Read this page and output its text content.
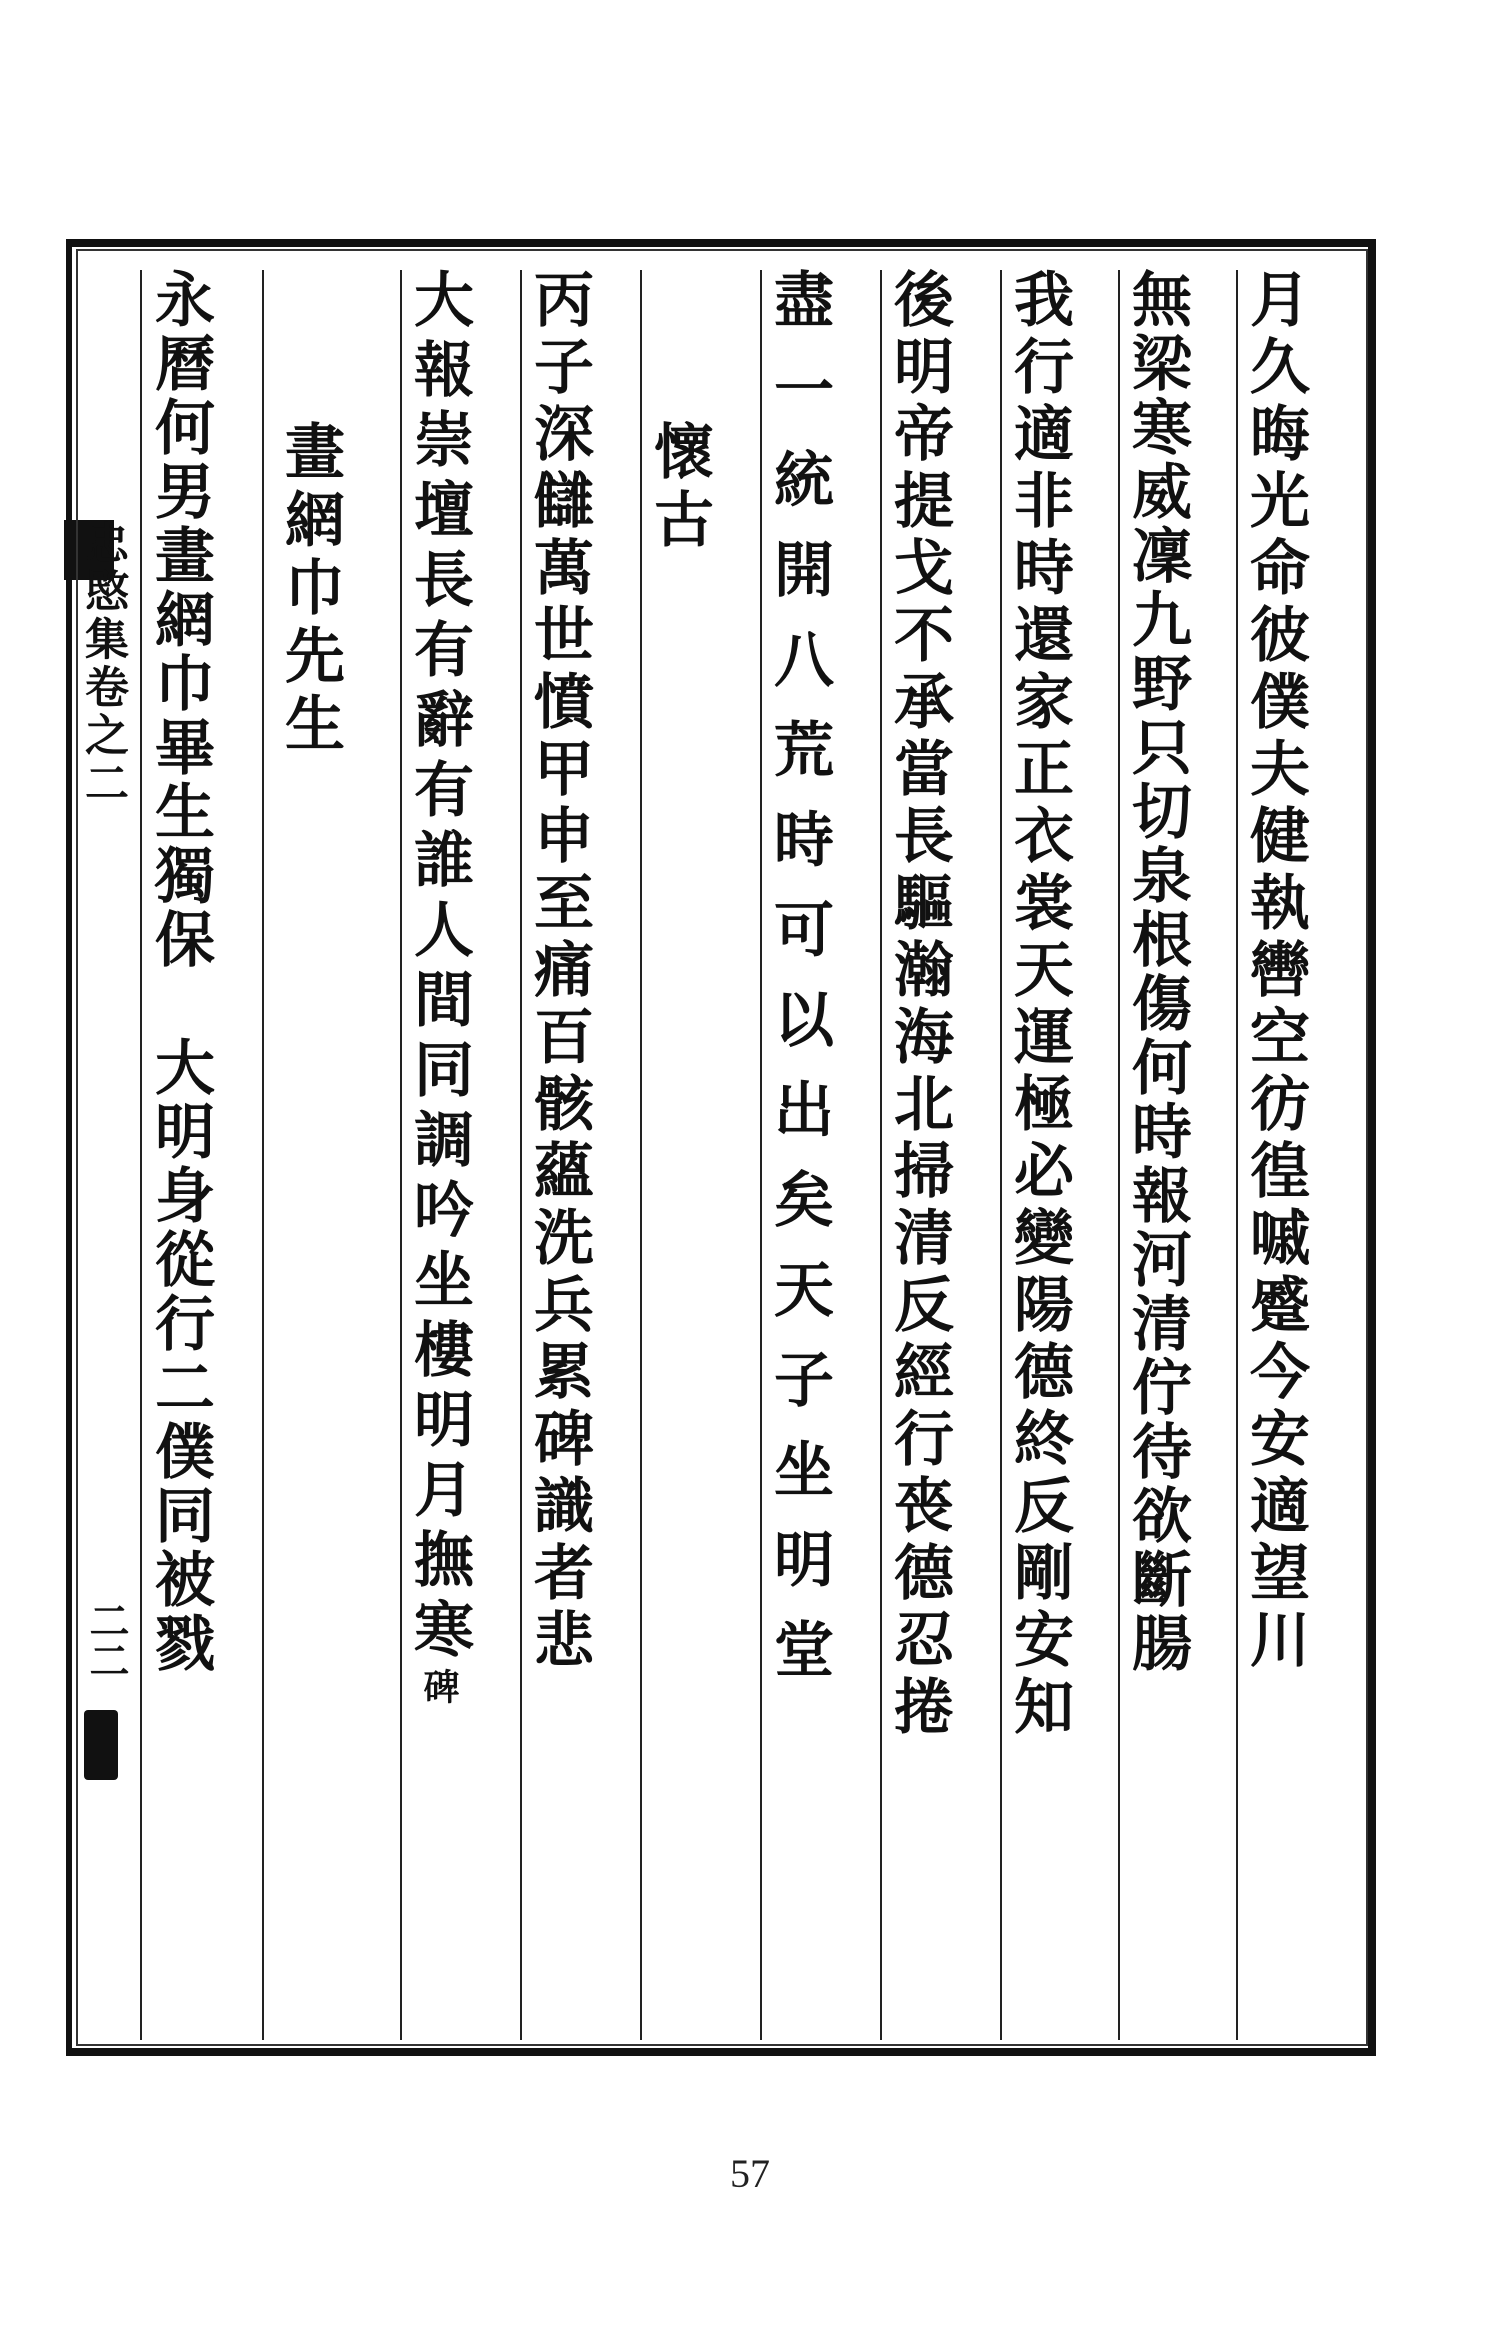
忠愍集卷之二
二二	月久晦光命彼僕夫健執轡空彷徨嘁蹙今安適望川
無梁寒威凜九野只切泉根傷何時報河清佇待欲斷腸
我行適非時還家正衣裳天運極必變陽德終反剛安知
後明帝提戈不承當長驅瀚海北掃清反經行䘮德忍捲
盡一統開八荒時可以出矣天子坐明堂
懷古
丙子深讎萬世憤甲申至痛百骸蘊洗兵累碑識者悲
大報崇壇長有辭有誰人間同調吟坐樓明月撫寒碑
畫網巾先生
永曆何男畫網巾畢生獨保　大明身從行二僕同被戮
57
